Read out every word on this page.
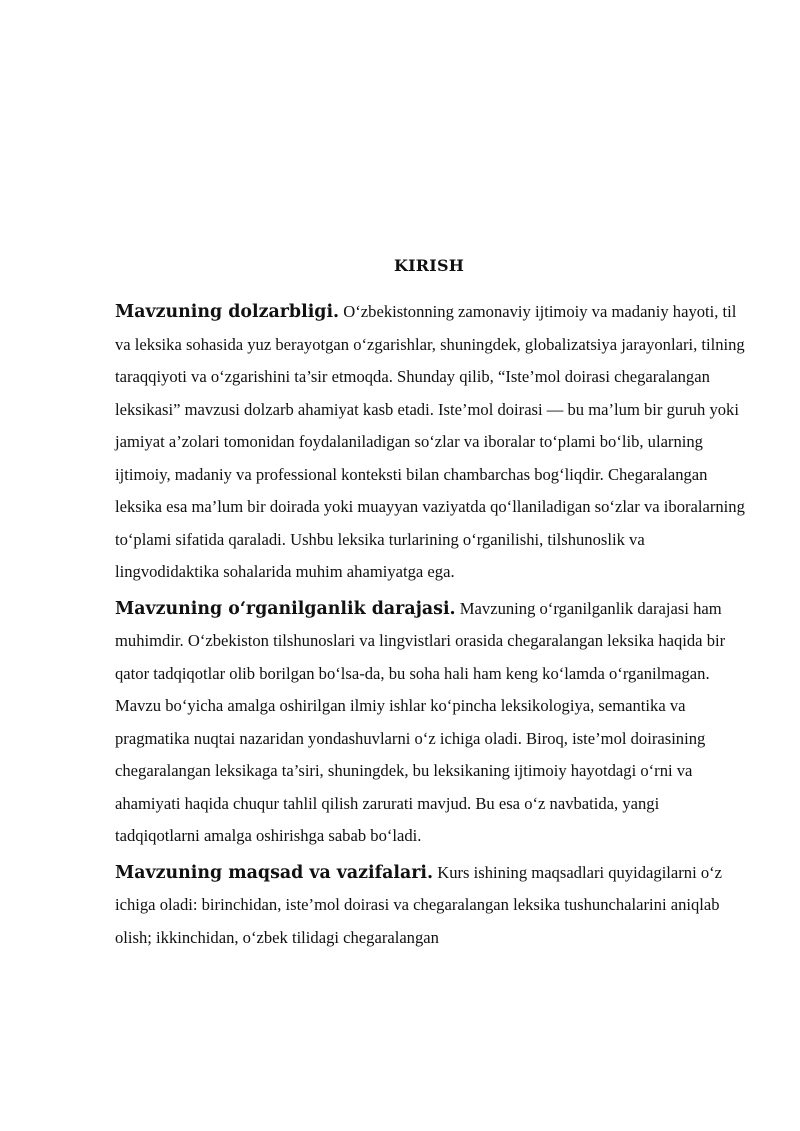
KIRISH

Mavzuning dolzarbligi. O‘zbekistonning zamonaviy ijtimoiy va madaniy hayoti, til va leksika sohasida yuz berayotgan o‘zgarishlar, shuningdek, globalizatsiya jarayonlari, tilning taraqqiyoti va o‘zgarishini ta’sir etmoqda. Shunday qilib, “Iste’mol doirasi chegaralangan leksikasi” mavzusi dolzarb ahamiyat kasb etadi. Iste’mol doirasi — bu ma’lum bir guruh yoki jamiyat a’zolari tomonidan foydalaniladigan so‘zlar va iboralar to‘plami bo‘lib, ularning ijtimoiy, madaniy va professional konteksti bilan chambarchas bog‘liqdir. Chegaralangan leksika esa ma’lum bir doirada yoki muayyan vaziyatda qo‘llaniladigan so‘zlar va iboralarning to‘plami sifatida qaraladi. Ushbu leksika turlarining o‘rganilishi, tilshunoslik va lingvodidaktika sohalarida muhim ahamiyatga ega.

Mavzuning o‘rganilganlik darajasi. Mavzuning o‘rganilganlik darajasi ham muhimdir. O‘zbekiston tilshunoslari va lingvistlari orasida chegaralangan leksika haqida bir qator tadqiqotlar olib borilgan bo‘lsa-da, bu soha hali ham keng ko‘lamda o‘rganilmagan. Mavzu bo‘yicha amalga oshirilgan ilmiy ishlar ko‘pincha leksikologiya, semantika va pragmatika nuqtai nazaridan yondashuvlarni o‘z ichiga oladi. Biroq, iste’mol doirasining chegaralangan leksikaga ta’siri, shuningdek, bu leksikaning ijtimoiy hayotdagi o‘rni va ahamiyati haqida chuqur tahlil qilish zarurati mavjud. Bu esa o‘z navbatida, yangi tadqiqotlarni amalga oshirishga sabab bo‘ladi.

Mavzuning maqsad va vazifalari. Kurs ishining maqsadlari quyidagilarni o‘z ichiga oladi: birinchidan, iste’mol doirasi va chegaralangan leksika tushunchalarini aniqlab olish; ikkinchidan, o‘zbek tilidagi chegaralangan
